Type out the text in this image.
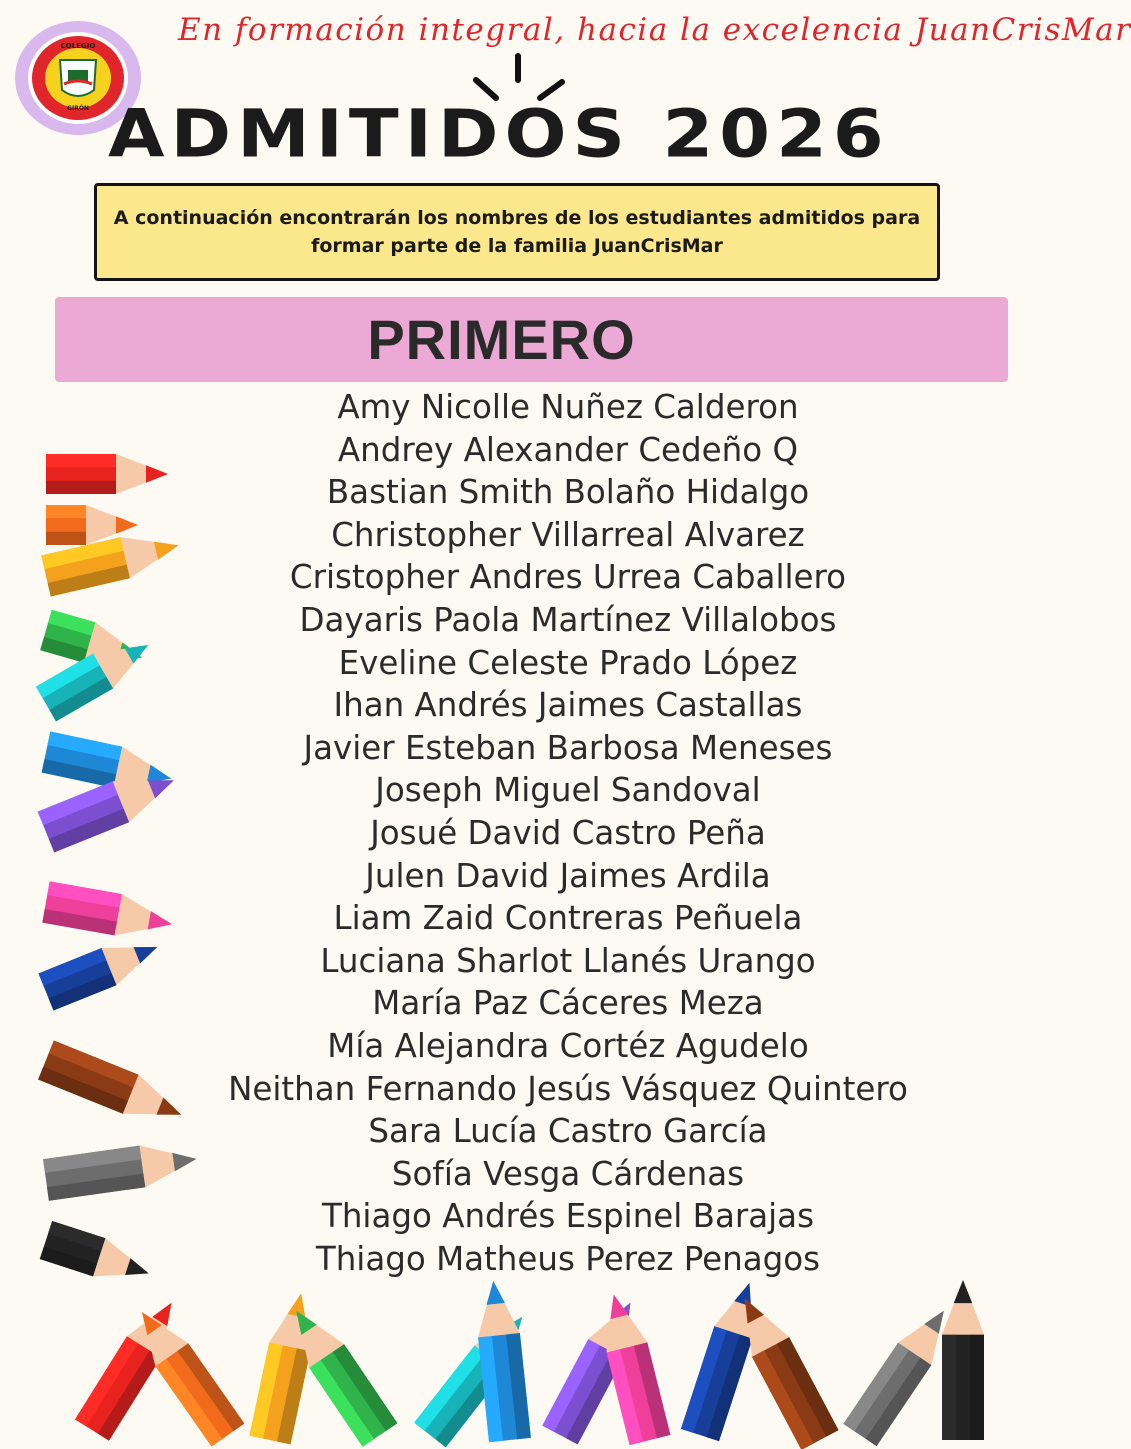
En formación integral, hacia la excelencia JuanCrisMar
COLEGIO
GIRÓN ADMITIDOS 2026
A continuación encontrarán los nombres de los estudiantes admitidos para formar parte de la familia JuanCrisMar
PRIMERO
Amy Nicolle Nuñez Calderon
Andrey Alexander Cedeño Q
Bastian Smith Bolaño Hidalgo
Christopher Villarreal Alvarez
Cristopher Andres Urrea Caballero
Dayaris Paola Martínez Villalobos
Eveline Celeste Prado López
Ihan Andrés Jaimes Castallas
Javier Esteban Barbosa Meneses
Joseph Miguel Sandoval
Josué David Castro Peña
Julen David Jaimes Ardila
Liam Zaid Contreras Peñuela
Luciana Sharlot Llanés Urango
María Paz Cáceres Meza
Mía Alejandra Cortéz Agudelo
Neithan Fernando Jesús Vásquez Quintero
Sara Lucía Castro García
Sofía Vesga Cárdenas
Thiago Andrés Espinel Barajas
Thiago Matheus Perez Penagos
